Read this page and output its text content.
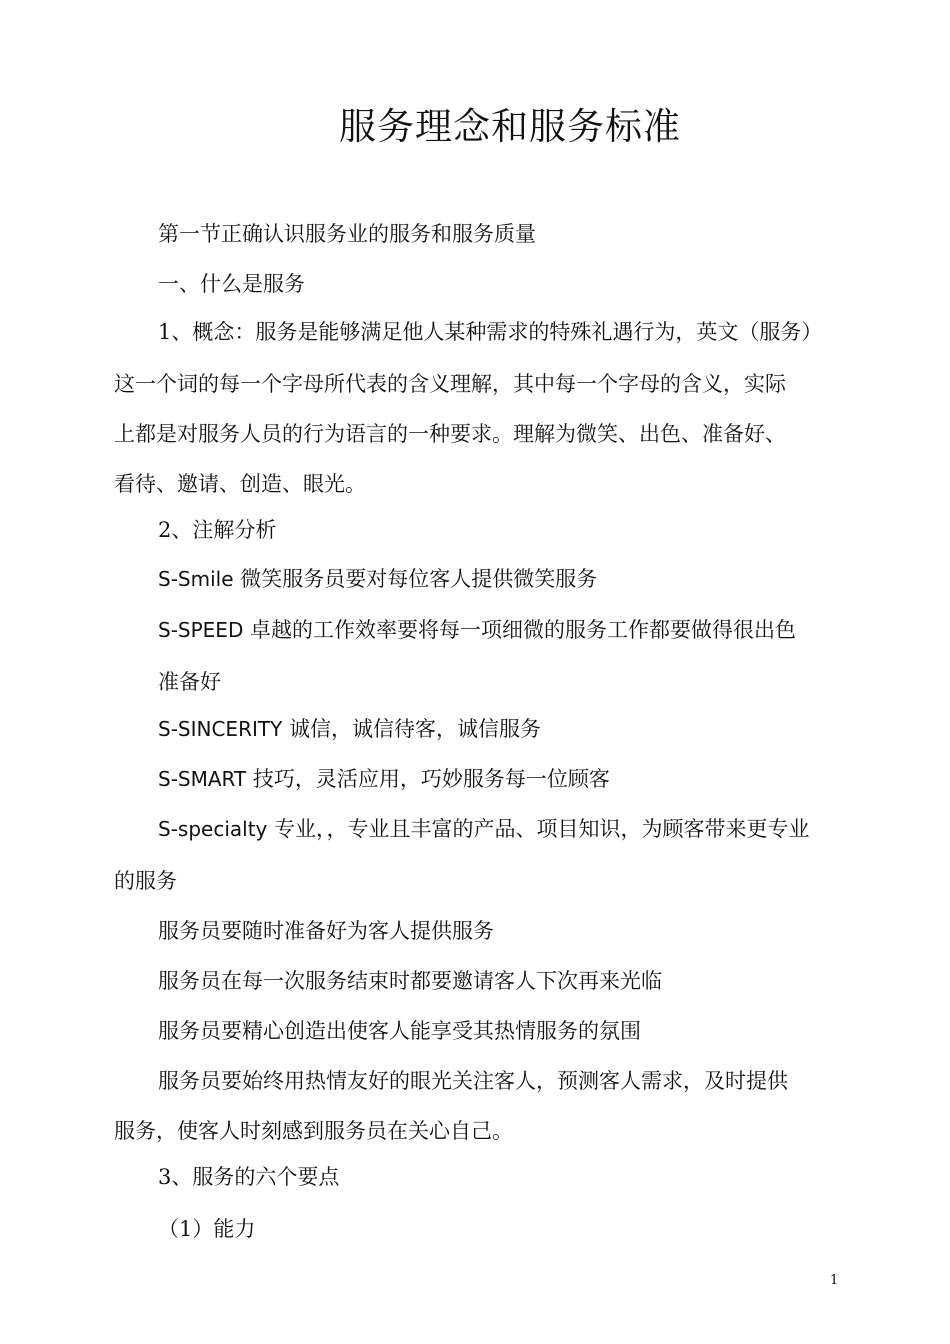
服务理念和服务标准
第一节正确认识服务业的服务和服务质量
一、什么是服务
1、概念：服务是能够满足他人某种需求的特殊礼遇行为，英文（服务）
这一个词的每一个字母所代表的含义理解，其中每一个字母的含义，实际
上都是对服务人员的行为语言的一种要求。理解为微笑、出色、准备好、
看待、邀请、创造、眼光。
2、注解分析
S-Smile 微笑服务员要对每位客人提供微笑服务
S-SPEED 卓越的工作效率要将每一项细微的服务工作都要做得很出色
准备好
S-SINCERITY 诚信，诚信待客，诚信服务
S-SMART 技巧，灵活应用，巧妙服务每一位顾客
S-specialty 专业，，专业且丰富的产品、项目知识，为顾客带来更专业
的服务
服务员要随时准备好为客人提供服务
服务员在每一次服务结束时都要邀请客人下次再来光临
服务员要精心创造出使客人能享受其热情服务的氛围
服务员要始终用热情友好的眼光关注客人，预测客人需求，及时提供
服务，使客人时刻感到服务员在关心自己。
3、服务的六个要点
（1）能力
1
